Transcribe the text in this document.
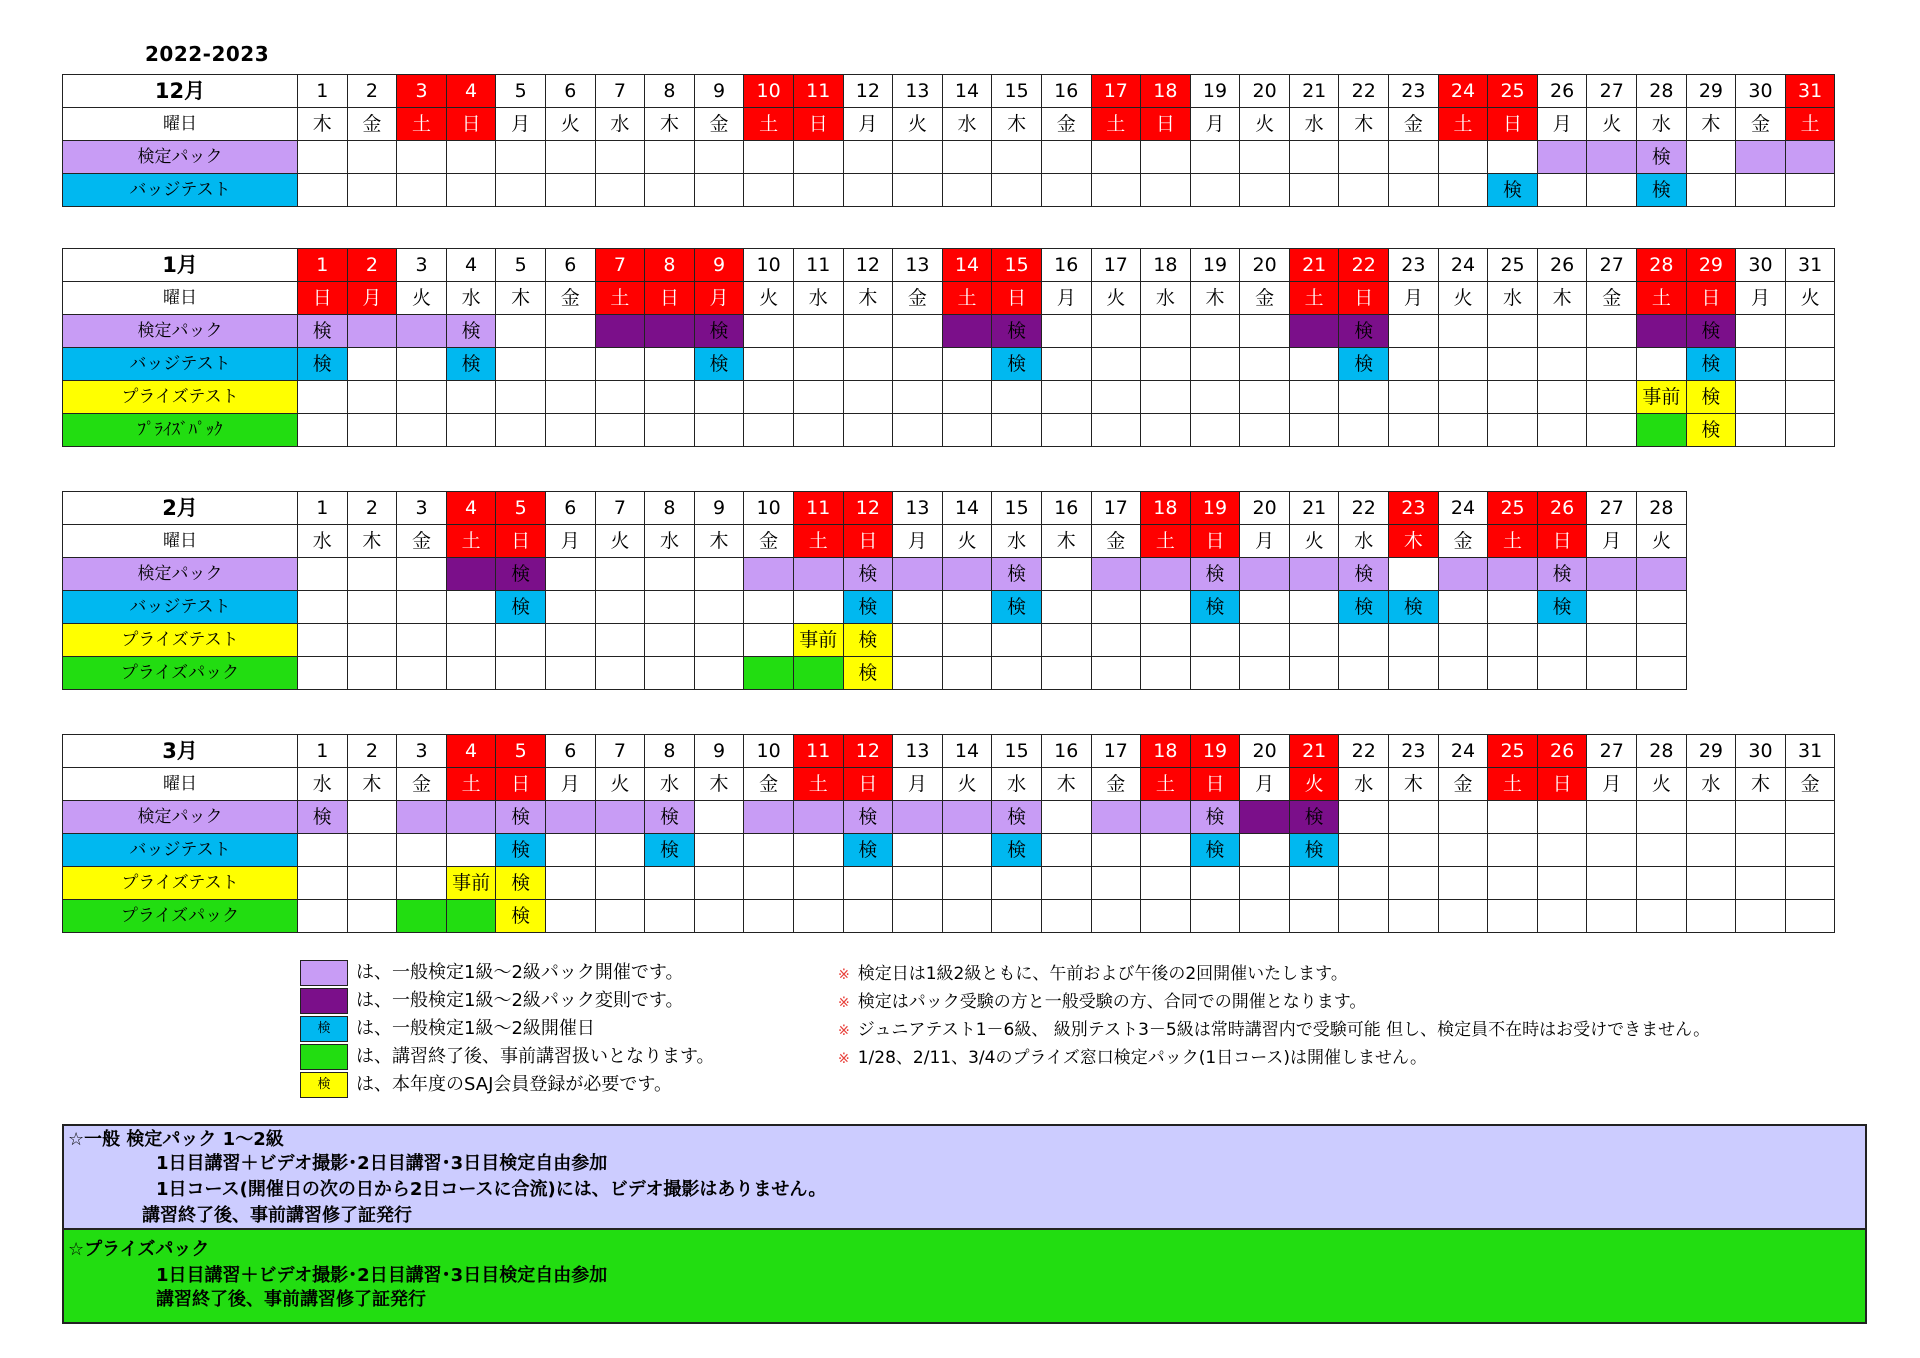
2022-2023
12月	1	2	3	4	5	6	7	8	9	10	11	12	13	14	15	16	17	18	19	20	21	22	23	24	25	26	27	28	29	30	31
曜日	木	金	土	日	月	火	水	木	金	土	日	月	火	水	木	金	土	日	月	火	水	木	金	土	日	月	火	水	木	金	土
検定パック																												検			
バッジテスト																									検			検			
1月	1	2	3	4	5	6	7	8	9	10	11	12	13	14	15	16	17	18	19	20	21	22	23	24	25	26	27	28	29	30	31
曜日	日	月	火	水	木	金	土	日	月	火	水	木	金	土	日	月	火	水	木	金	土	日	月	火	水	木	金	土	日	月	火
検定パック	検			検					検						検							検							検		
バッジテスト	検			検					検						検							検							検		
プライズテスト																												事前	検		
ﾌﾟﾗｲｽﾞﾊﾟｯｸ																													検		
2月	1	2	3	4	5	6	7	8	9	10	11	12	13	14	15	16	17	18	19	20	21	22	23	24	25	26	27	28
曜日	水	木	金	土	日	月	火	水	木	金	土	日	月	火	水	木	金	土	日	月	火	水	木	金	土	日	月	火
検定パック					検							検			検				検			検				検		
バッジテスト					検							検			検				検			検	検			検		
プライズテスト											事前	検																
プライズパック												検																
3月	1	2	3	4	5	6	7	8	9	10	11	12	13	14	15	16	17	18	19	20	21	22	23	24	25	26	27	28	29	30	31
曜日	水	木	金	土	日	月	火	水	木	金	土	日	月	火	水	木	金	土	日	月	火	水	木	金	土	日	月	火	水	木	金
検定パック	検				検			検				検			検				検		検										
バッジテスト					検			検				検			検				検		検										
プライズテスト				事前	検																										
プライズパック					検																										
は、一般検定1級～2級パック開催です。
は、一般検定1級～2級パック変則です。
検	は、一般検定1級～2級開催日
は、講習終了後、事前講習扱いとなります。
検	は、本年度のSAJ会員登録が必要です。
※ 検定日は1級2級ともに、午前および午後の2回開催いたします。
※ 検定はパック受験の方と一般受験の方、合同での開催となります。
※ ジュニアテスト1－6級、 級別テスト3－5級は常時講習内で受験可能 但し、検定員不在時はお受けできません。
※ 1/28、2/11、3/4のプライズ窓口検定パック(1日コース)は開催しません。
☆一般 検定パック 1～2級
1日目講習＋ビデオ撮影･2日目講習･3日目検定自由参加
1日コース(開催日の次の日から2日コースに合流)には、ビデオ撮影はありません。
講習終了後、事前講習修了証発行
☆プライズパック
1日目講習＋ビデオ撮影･2日目講習･3日目検定自由参加
講習終了後、事前講習修了証発行
